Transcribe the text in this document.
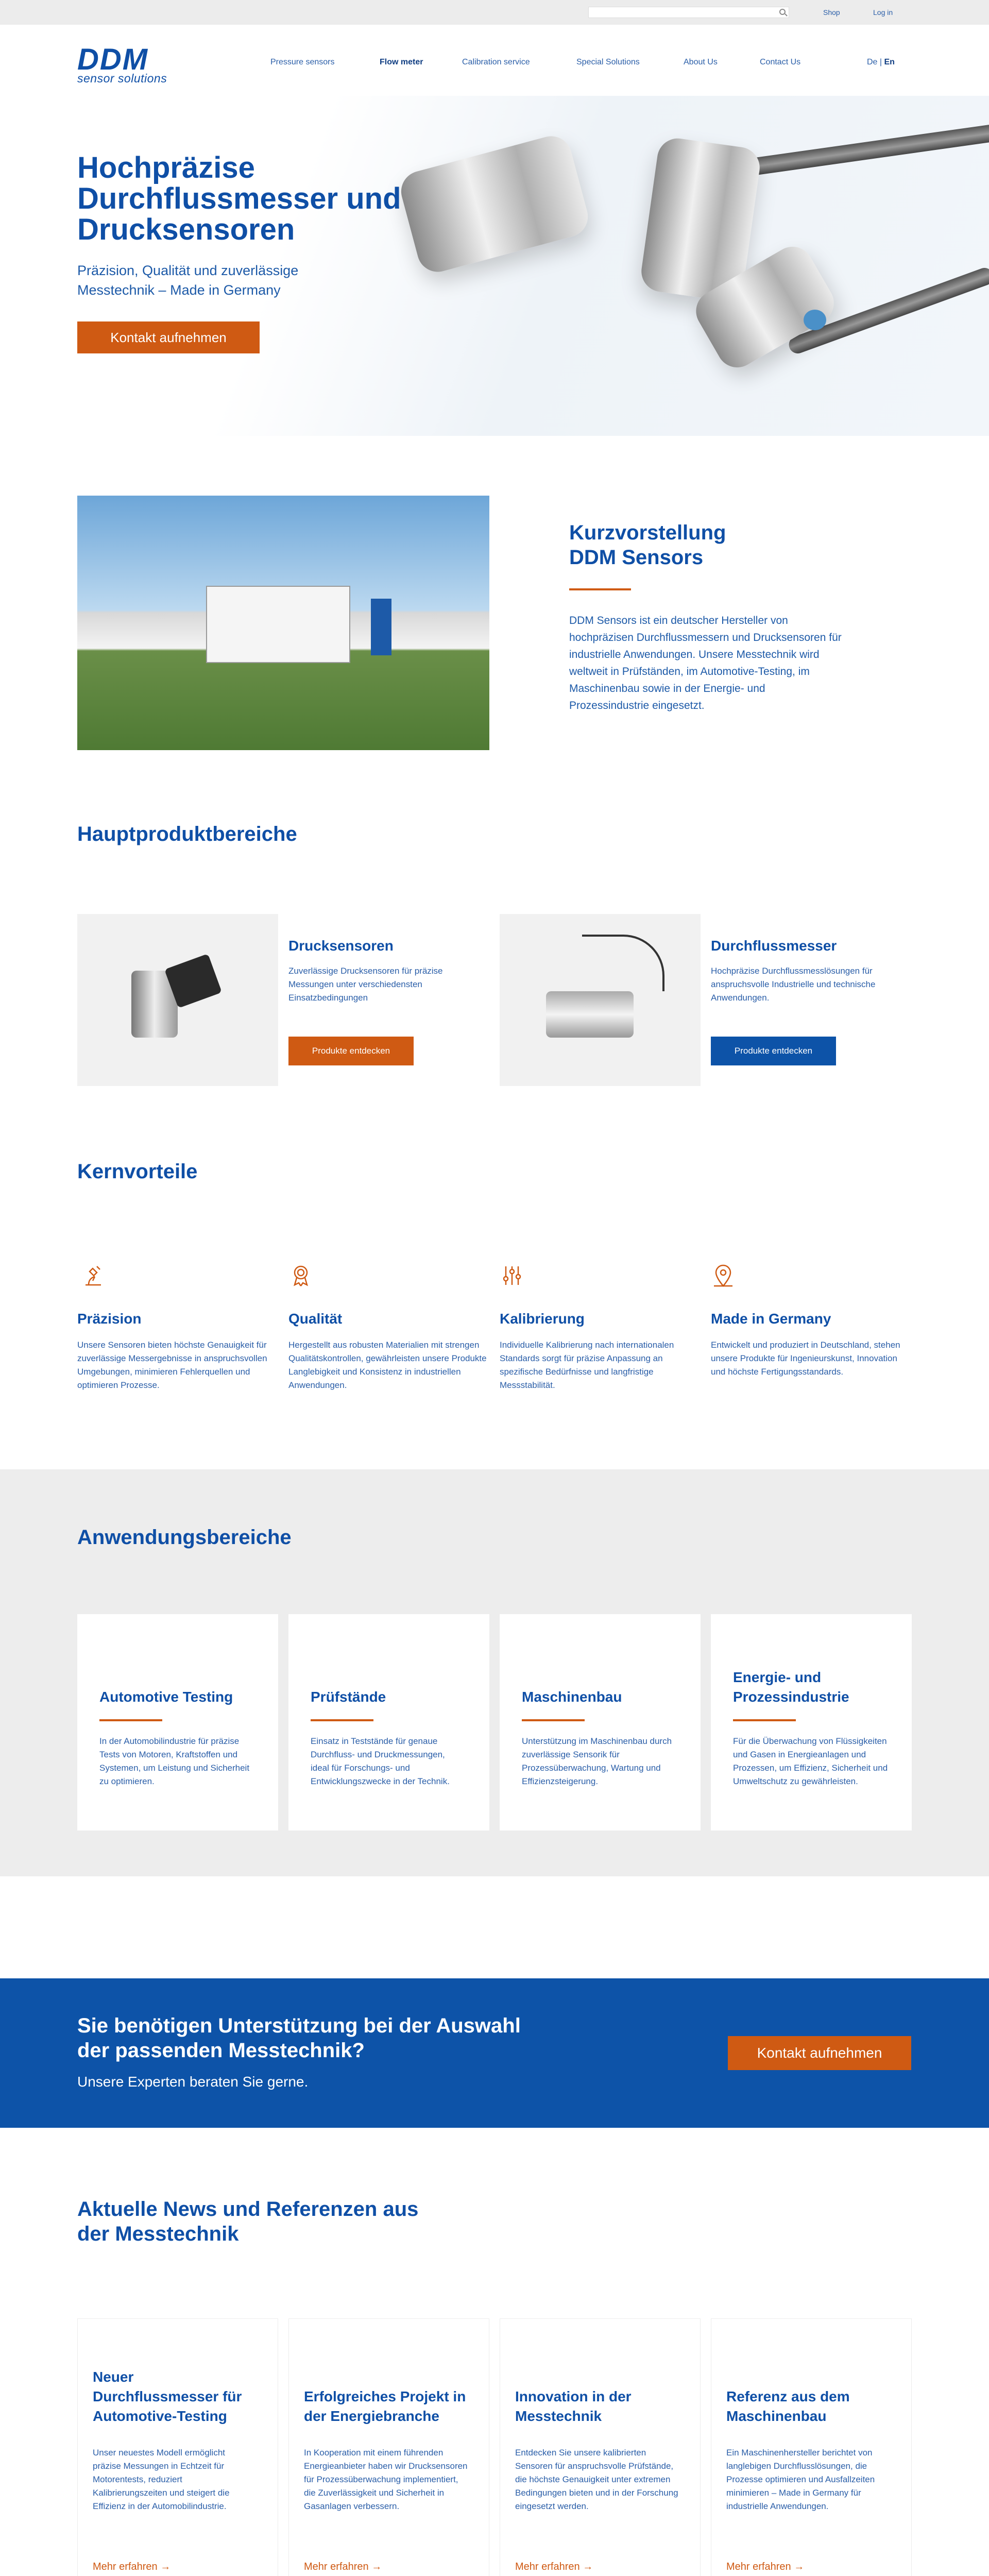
Shop	Log in
DDM
sensor solutions
Pressure sensors	Flow meter	Calibration service	Special Solutions	About Us	Contact Us	De | En
Hochpräzise Durchflussmesser und Drucksensoren

Präzision, Qualität und zuverlässige Messtechnik – Made in Germany

Kontakt aufnehmen
Kurzvorstellung
DDM Sensors
DDM Sensors ist ein deutscher Hersteller von hochpräzisen Durchflussmessern und Drucksensoren für industrielle Anwendungen. Unsere Messtechnik wird weltweit in Prüfständen, im Automotive-Testing, im Maschinenbau sowie in der Energie- und Prozessindustrie eingesetzt.
Hauptproduktbereiche
Drucksensoren
Zuverlässige Drucksensoren für präzise Messungen unter verschiedensten Einsatzbedingungen
Produkte entdecken
Durchflussmesser
Hochpräzise Durchflussmesslösungen für anspruchsvolle Industrielle und technische Anwendungen.
Produkte entdecken
Kernvorteile
Präzision
Unsere Sensoren bieten höchste Genauigkeit für zuverlässige Messergebnisse in anspruchsvollen Umgebungen, minimieren Fehlerquellen und optimieren Prozesse.
Qualität
Hergestellt aus robusten Materialien mit strengen Qualitätskontrollen, gewährleisten unsere Produkte Langlebigkeit und Konsistenz in industriellen Anwendungen.
Kalibrierung
Individuelle Kalibrierung nach internationalen Standards sorgt für präzise Anpassung an spezifische Bedürfnisse und langfristige Messstabilität.
Made in Germany
Entwickelt und produziert in Deutschland, stehen unsere Produkte für Ingenieurskunst, Innovation und höchste Fertigungsstandards.
Anwendungsbereiche
Automotive Testing
In der Automobilindustrie für präzise Tests von Motoren, Kraftstoffen und Systemen, um Leistung und Sicherheit zu optimieren.
Prüfstände
Einsatz in Teststände für genaue Durchfluss- und Druckmessungen, ideal für Forschungs- und Entwicklungszwecke in der Technik.
Maschinenbau
Unterstützung im Maschinenbau durch zuverlässige Sensorik für Prozessüberwachung, Wartung und Effizienzsteigerung.
Energie- und Prozessindustrie
Für die Überwachung von Flüssigkeiten und Gasen in Energieanlagen und Prozessen, um Effizienz, Sicherheit und Umweltschutz zu gewährleisten.
Sie benötigen Unterstützung bei der Auswahl der passenden Messtechnik?
Unsere Experten beraten Sie gerne.
Kontakt aufnehmen
Aktuelle News und Referenzen aus der Messtechnik
Neuer Durchflussmesser für Automotive-Testing
Unser neuestes Modell ermöglicht präzise Messungen in Echtzeit für Motorentests, reduziert Kalibrierungszeiten und steigert die Effizienz in der Automobilindustrie.
Mehr erfahren →
Erfolgreiches Projekt in der Energiebranche
In Kooperation mit einem führenden Energieanbieter haben wir Drucksensoren für Prozessüberwachung implementiert, die Zuverlässigkeit und Sicherheit in Gasanlagen verbessern.
Mehr erfahren →
Innovation in der Messtechnik
Entdecken Sie unsere kalibrierten Sensoren für anspruchsvolle Prüfstände, die höchste Genauigkeit unter extremen Bedingungen bieten und in der Forschung eingesetzt werden.
Mehr erfahren →
Referenz aus dem Maschinenbau
Ein Maschinenhersteller berichtet von langlebigen Durchflusslösungen, die Prozesse optimieren und Ausfallzeiten minimieren – Made in Germany für industrielle Anwendungen.
Mehr erfahren →
